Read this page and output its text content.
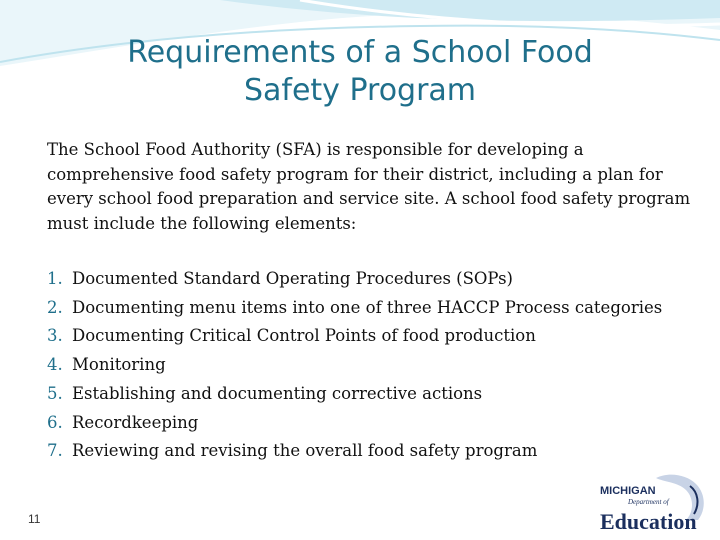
Requirements of a School Food
Safety Program
The School Food Authority (SFA) is responsible for developing a comprehensive food safety program for their district, including a plan for every school food preparation and service site. A school food safety program must include the following elements:
1. Documented Standard Operating Procedures (SOPs)
2. Documenting menu items into one of three HACCP Process categories
3. Documenting Critical Control Points of food production
4. Monitoring
5. Establishing and documenting corrective actions
6. Recordkeeping
7. Reviewing and revising the overall food safety program
11
MICHIGAN
Department of
Education
